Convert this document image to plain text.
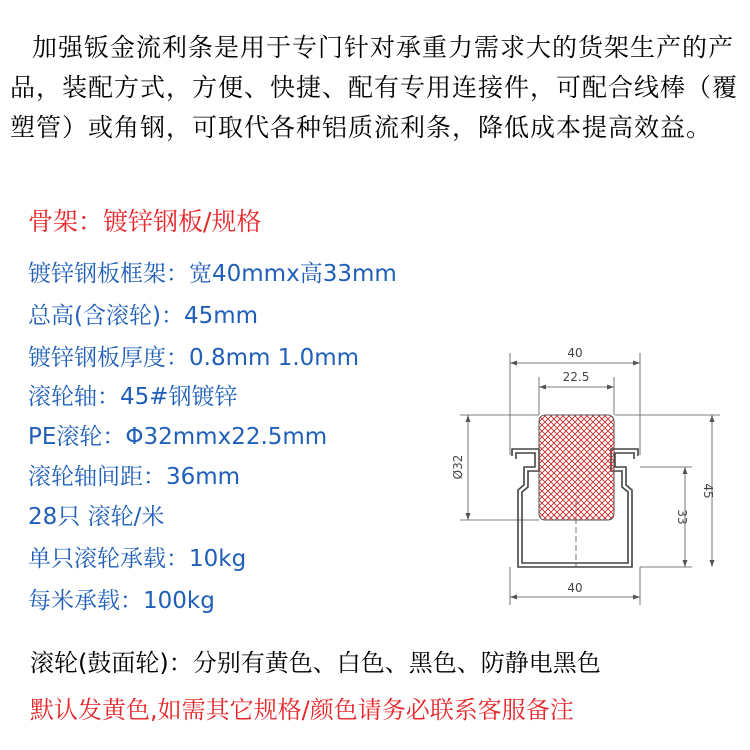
加强钣金流利条是用于专门针对承重力需求大的货架生产的产品，装配方式，方便、快捷、配有专用连接件，可配合线棒（覆塑管）或角钢，可取代各种铝质流利条，降低成本提高效益。
骨架：镀锌钢板/规格
镀锌钢板框架：宽40mmx高33mm
总高(含滚轮)：45mm
镀锌钢板厚度：0.8mm 1.0mm
滚轮轴：45#钢镀锌
PE滚轮：Φ32mmx22.5mm
滚轮轴间距：36mm
28只 滚轮/米
单只滚轮承载：10kg
每米承载：100kg
40
22.5
Ø32
33
45
40
滚轮(鼓面轮)：分别有黄色、白色、黑色、防静电黑色
默认发黄色,如需其它规格/颜色请务必联系客服备注
